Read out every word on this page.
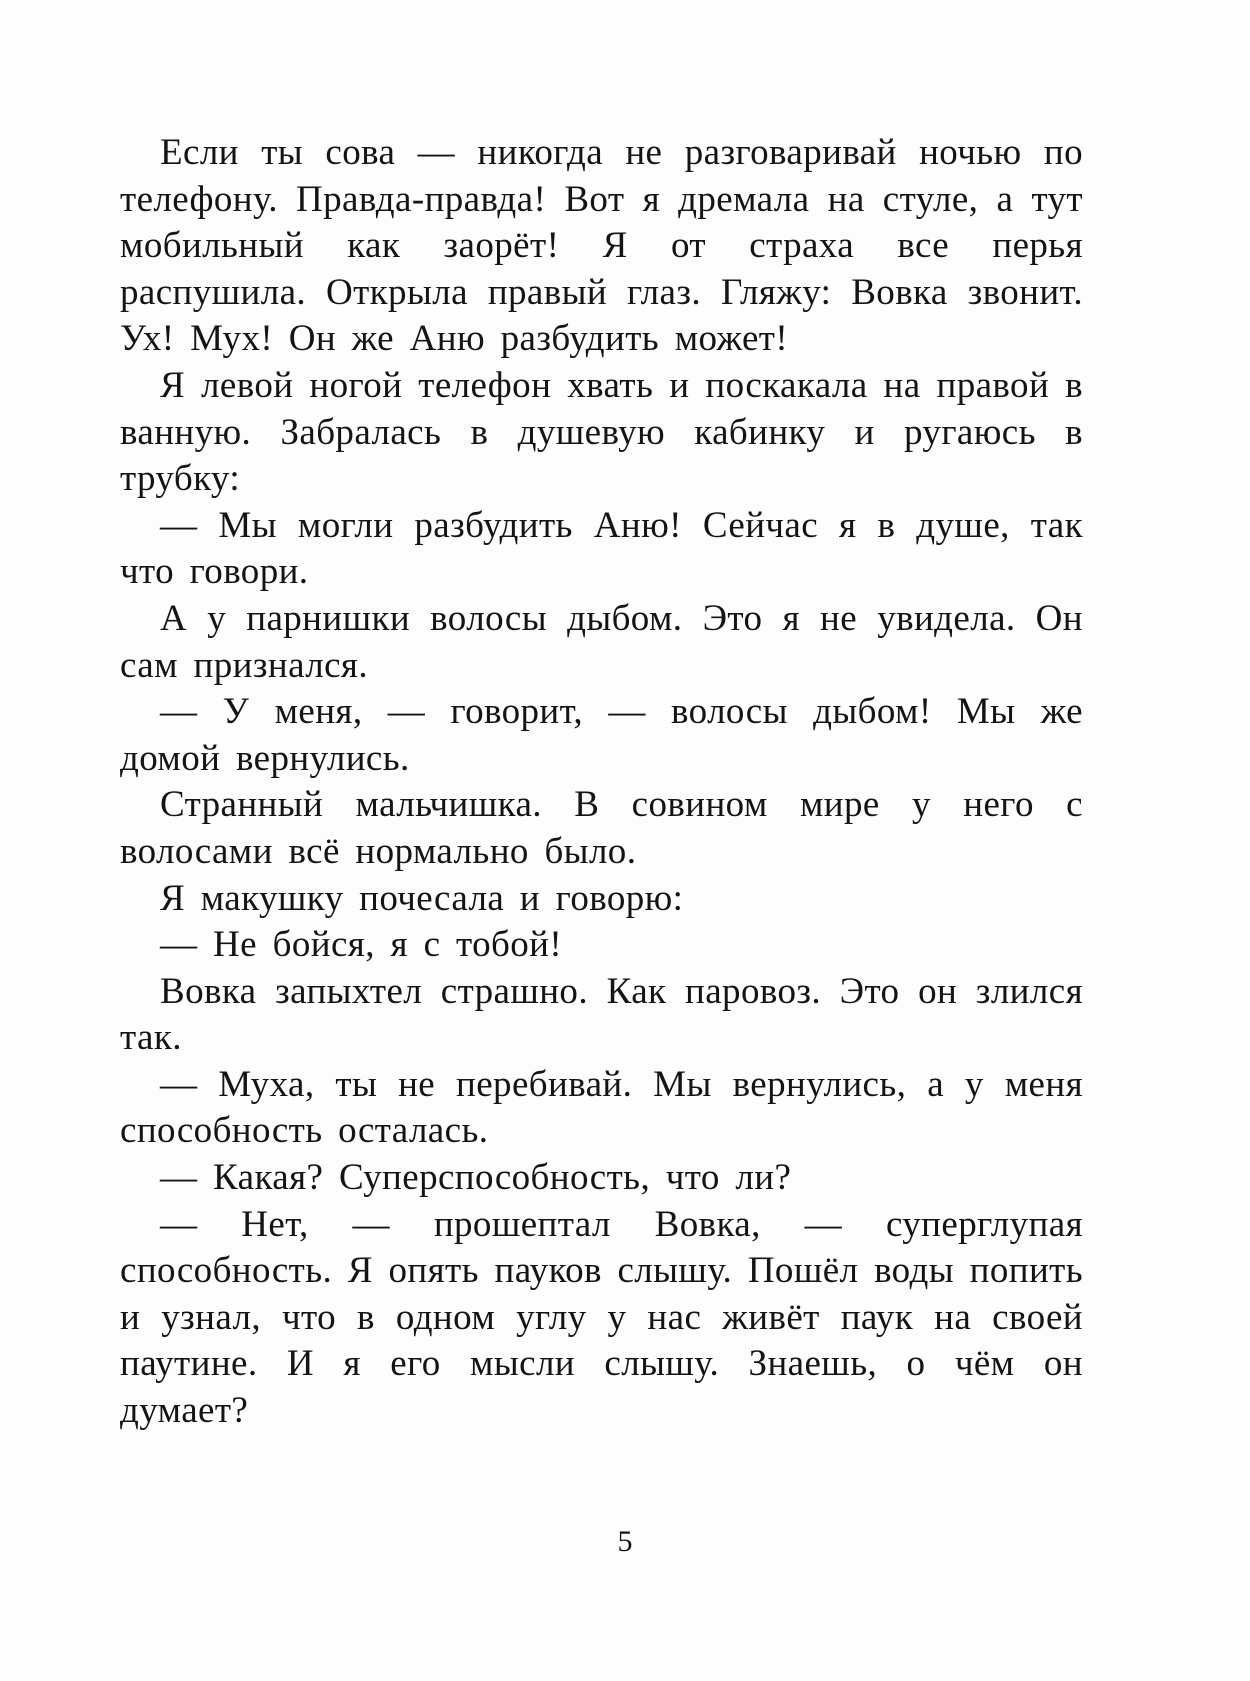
Если ты сова — никогда не разговаривай ночью по телефону. Правда-правда! Вот я дремала на стуле, а тут мобильный как заорёт! Я от страха все перья распушила. Открыла правый глаз. Гляжу: Вовка звонит. Ух! Мух! Он же Аню разбудить может!

Я левой ногой телефон хвать и поскакала на правой в ванную. Забралась в душевую кабинку и ругаюсь в трубку:

— Мы могли разбудить Аню! Сейчас я в душе, так что говори.

А у парнишки волосы дыбом. Это я не увидела. Он сам признался.

— У меня, — говорит, — волосы дыбом! Мы же домой вернулись.

Странный мальчишка. В совином мире у него с волосами всё нормально было.

Я макушку почесала и говорю:

— Не бойся, я с тобой!

Вовка запыхтел страшно. Как паровоз. Это он злился так.

— Муха, ты не перебивай. Мы вернулись, а у меня способность осталась.

— Какая? Суперспособность, что ли?

— Нет, — прошептал Вовка, — суперглупая способность. Я опять пауков слышу. Пошёл воды попить и узнал, что в одном углу у нас живёт паук на своей паутине. И я его мысли слышу. Знаешь, о чём он думает?

5
